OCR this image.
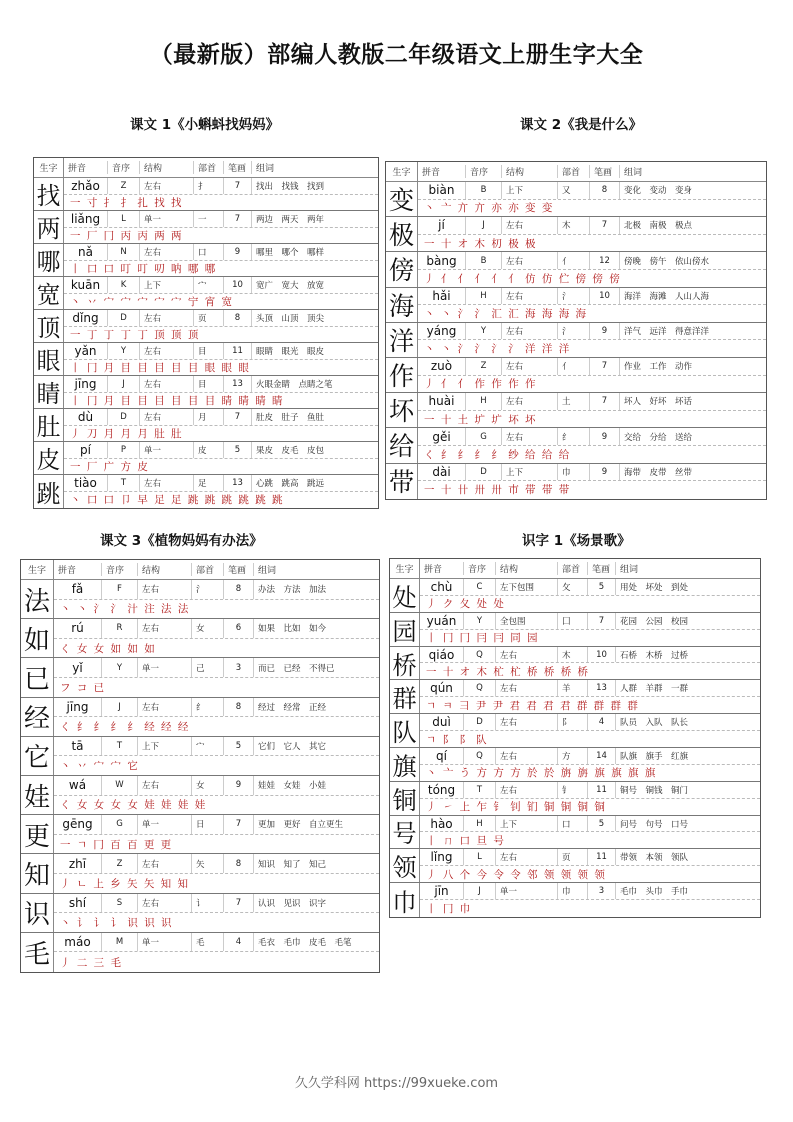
（最新版）部编人教版二年级语文上册生字大全
课文 1《小蝌蚪找妈妈》
生字	拼音	音序	结构	部首	笔画	组词
找 zhǎo	Z	左右	扌	7	找出　找钱　找到
一 寸 扌 扌 扎 找 找
两 liǎng	L	单一	一	7	两边　两天　两年
一 厂 冂 丙 丙 两 两
哪	nǎ	N	左右	口	9	哪里　哪个　哪样
丨 口 口 叮 叮 叨 呐 哪 哪
宽 kuān	K	上下	宀	10	宽广　宽大　放宽
丶 丷 宀 宀 宀 宀 宀 宁 宵 宽
顶	dǐng	D	左右	页	8	头顶　山顶　顶尖
一 丁 丁 丁 丁 顶 顶 顶
眼	yǎn	Y	左右	目	11	眼睛　眼光　眼皮
丨 冂 月 目 目 目 目 目 眼 眼 眼
睛	jīng	J	左右	目	13	火眼金睛　点睛之笔
丨 冂 月 目 目 目 目 目 目 睛 睛 睛 睛
肚	dù	D	左右	月	7	肚皮　肚子　鱼肚
丿 刀 月 月 月 肚 肚
皮	pí	P	单一	皮	5	果皮　皮毛　皮包
一 厂 广 方 皮
跳	tiào	T	左右	足	13	心跳　跳高　跳远
丶 口 口 卩 早 足 足 跳 跳 跳 跳 跳 跳
课文 2《我是什么》
生字	拼音	音序	结构	部首	笔画	组词
变	biàn	B	上下	又	8	变化　变动　变身
丶 亠 亣 亣 亦 亦 变 变
极	jí	J	左右	木	7	北极　南极　极点
一 十 オ 木 朷 极 极
傍	bàng	B	左右	亻	12	傍晚　傍午　依山傍水
丿 亻 亻 亻 亻 亻 仿 仿 伫 傍 傍 傍
海	hǎi	H	左右	氵	10	海洋　海滩　人山人海
丶 丶 氵 氵 汇 汇 海 海 海 海
洋	yáng	Y	左右	氵	9	洋气　远洋　得意洋洋
丶 丶 氵 氵 氵 氵 洋 洋 洋
作	zuò	Z	左右	亻	7	作业　工作　动作
丿 亻 亻 作 作 作 作
坏	huài	H	左右	土	7	坏人　好坏　坏话
一 十 土 圹 圹 坏 坏
给	gěi	G	左右	纟	9	交给　分给　送给
く 纟 纟 纟 纟 纱 给 给 给
带	dài	D	上下	巾	9	海带　皮带　丝带
一 十 卄 卅 卅 巿 带 带 带
课文 3《植物妈妈有办法》
生字	拼音	音序	结构	部首	笔画	组词
法	fǎ	F	左右	氵	8	办法　方法　加法
丶 丶 氵 氵 汁 注 法 法
如	rú	R	左右	女	6	如果　比如　如今
く 女 女 如 如 如
已	yǐ	Y	单一	己	3	而已　已经　不得已
フ コ 已
经	jīng	J	左右	纟	8	经过　经常　正经
く 纟 纟 纟 纟 经 经 经
它	tā	T	上下	宀	5	它们　它人　其它
丶 丷 宀 宀 它
娃	wá	W	左右	女	9	娃娃　女娃　小娃
く 女 女 女 女 娃 娃 娃 娃
更	gēng	G	单一	日	7	更加　更好　自立更生
一 ㄱ 冂 百 百 更 更
知	zhī	Z	左右	矢	8	知识　知了　知己
丿 ㄴ 上 乡 矢 矢 知 知
识	shí	S	左右	讠	7	认识　见识　识字
丶 讠 讠 讠 识 识 识
毛	máo	M	单一	毛	4	毛衣　毛巾　皮毛　毛笔
丿 二 三 毛
识字 1《场景歌》
生字	拼音	音序	结构	部首	笔画	组词
处	chù	C	左下包围	攵	5	用处　坏处　到处
丿 ク 夂 处 处
园 yuán	Y	全包围	囗	7	花园　公园　校园
丨 冂 冂 冃 冃 同 园
桥	qiáo	Q	左右	木	10	石桥　木桥　过桥
一 十 オ 木 杧 杧 桥 桥 桥 桥
群	qún	Q	左右	羊	13	人群　羊群　一群
ㄱ ㅋ ⺕ 尹 尹 君 君 君 君 群 群 群 群
队	duì	D	左右	阝	4	队员　入队　队长
ㄱ 阝 阝 队
旗	qí	Q	左右	方	14	队旗　旗手　红旗
丶 亠 う 方 方 方 於 於 旃 旃 旗 旗 旗 旗
铜 tóng	T	左右	钅	11	铜号　铜钱　铜门
丿 ㇀ 上 乍 钅 钊 钔 铜 铜 铜 铜
号	hào	H	上下	口	5	问号　句号　口号
丨 ㄇ 口 旦 号
领	lǐng	L	左右	页	11	带领　本领　领队
丿 八 个 今 令 令 邻 领 领 领 领
巾	jīn	J	单一	巾	3	毛巾　头巾　手巾
丨 冂 巾
久久学科网 https://99xueke.com
